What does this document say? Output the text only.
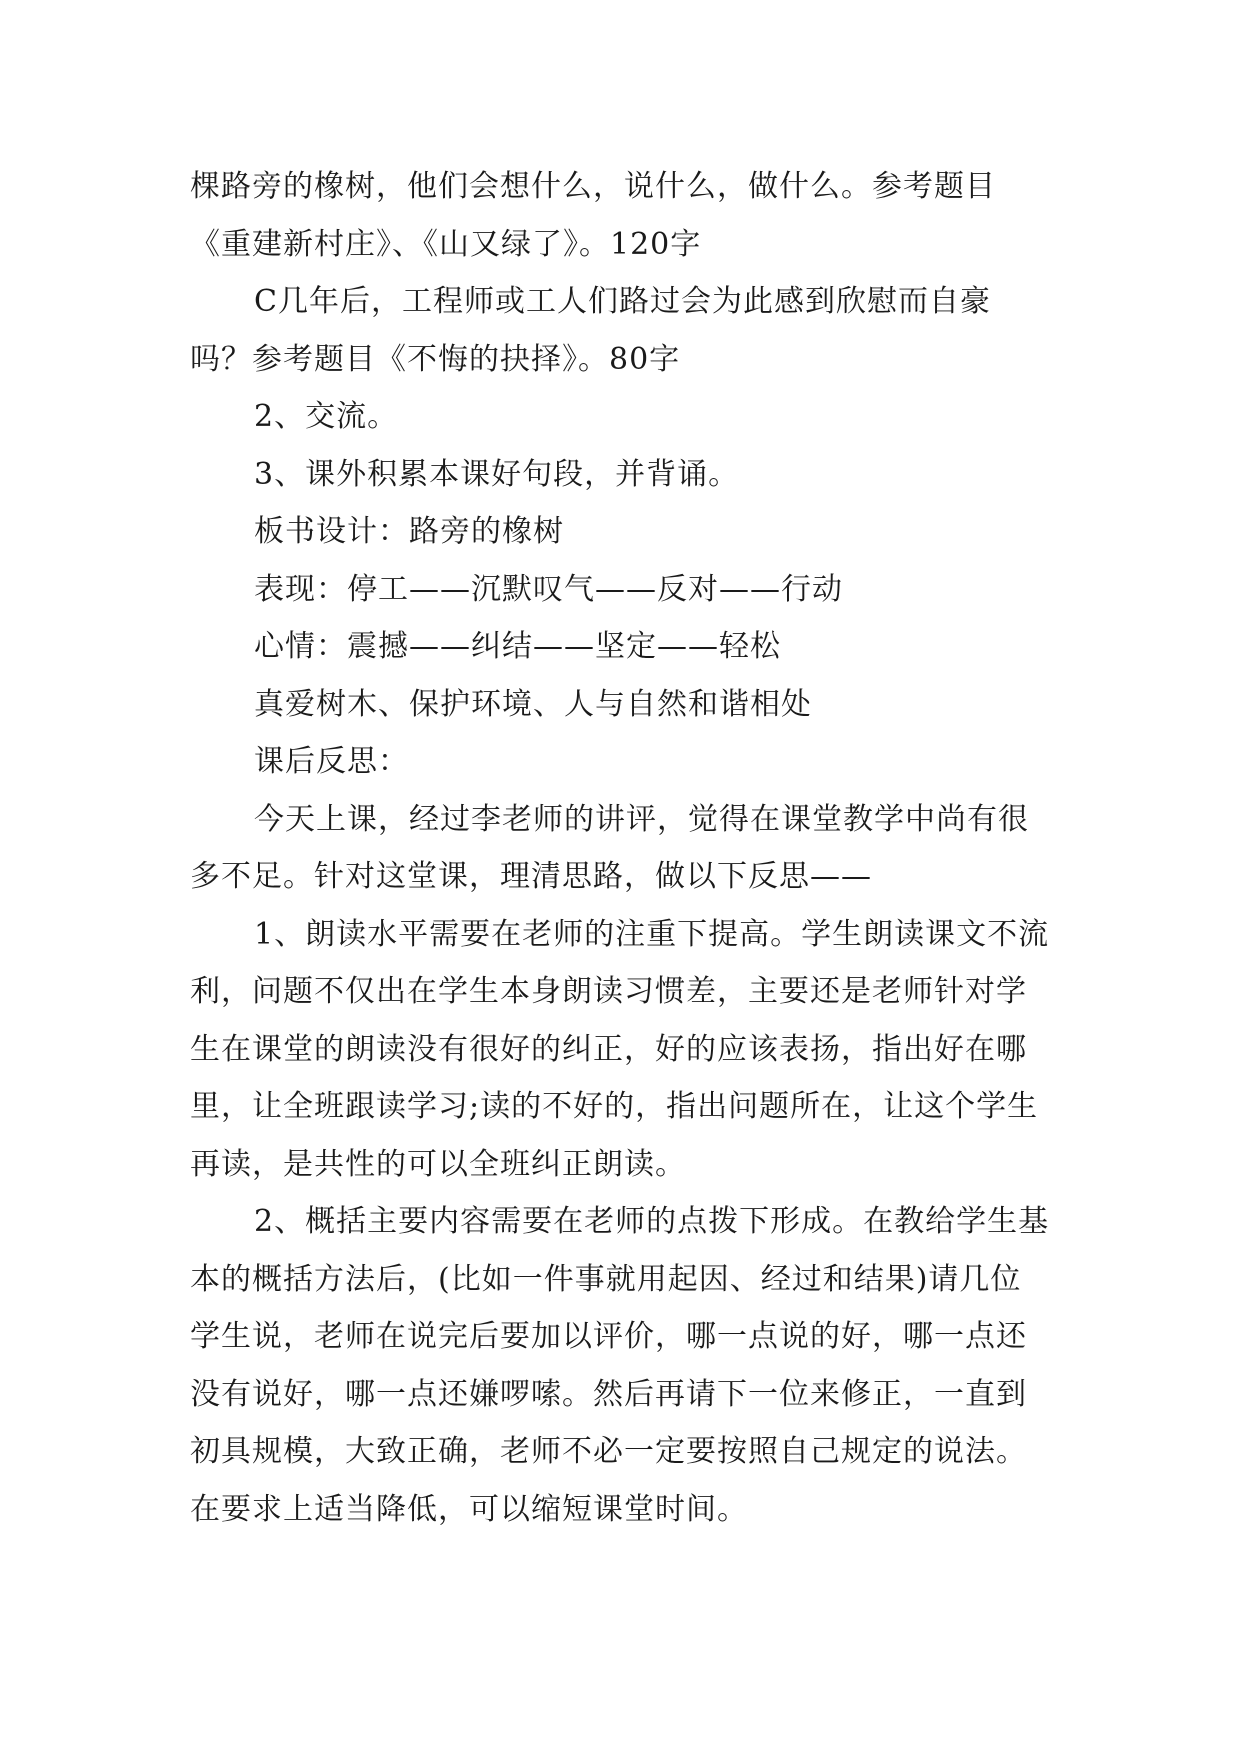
棵路旁的橡树，他们会想什么，说什么，做什么。参考题目《重建新村庄》、《山又绿了》。120字

C几年后，工程师或工人们路过会为此感到欣慰而自豪吗？参考题目《不悔的抉择》。80字

2、交流。

3、课外积累本课好句段，并背诵。

板书设计：路旁的橡树

表现：停工——沉默叹气——反对——行动

心情：震撼——纠结——坚定——轻松

真爱树木、保护环境、人与自然和谐相处

课后反思：

今天上课，经过李老师的讲评，觉得在课堂教学中尚有很多不足。针对这堂课，理清思路，做以下反思——

1、朗读水平需要在老师的注重下提高。学生朗读课文不流利，问题不仅出在学生本身朗读习惯差，主要还是老师针对学生在课堂的朗读没有很好的纠正，好的应该表扬，指出好在哪里，让全班跟读学习;读的不好的，指出问题所在，让这个学生再读，是共性的可以全班纠正朗读。

2、概括主要内容需要在老师的点拨下形成。在教给学生基本的概括方法后，(比如一件事就用起因、经过和结果)请几位学生说，老师在说完后要加以评价，哪一点说的好，哪一点还没有说好，哪一点还嫌啰嗦。然后再请下一位来修正，一直到初具规模，大致正确，老师不必一定要按照自己规定的说法。在要求上适当降低，可以缩短课堂时间。
